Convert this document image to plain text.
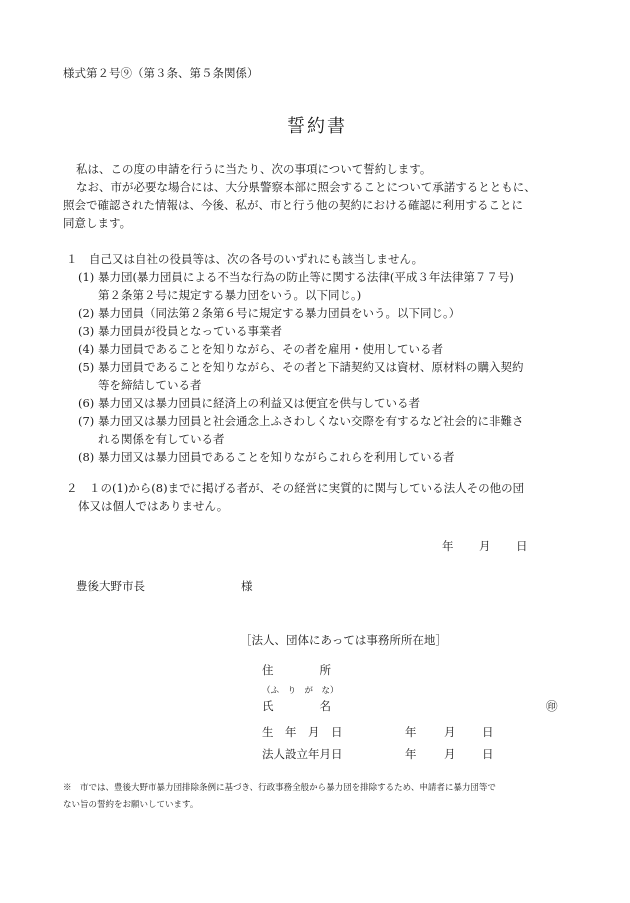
様式第２号⑨（第３条、第５条関係）
誓約書
私は、この度の申請を行うに当たり、次の事項について誓約します。
なお、市が必要な場合には、大分県警察本部に照会することについて承諾するとともに、
照会で確認された情報は、今後、私が、市と行う他の契約における確認に利用することに
同意します。
１　自己又は自社の役員等は、次の各号のいずれにも該当しません。
(1) 暴力団(暴力団員による不当な行為の防止等に関する法律(平成３年法律第７７号)
第２条第２号に規定する暴力団をいう。以下同じ。)
(2) 暴力団員（同法第２条第６号に規定する暴力団員をいう。以下同じ。）
(3) 暴力団員が役員となっている事業者
(4) 暴力団員であることを知りながら、その者を雇用・使用している者
(5) 暴力団員であることを知りながら、その者と下請契約又は資材、原材料の購入契約
等を締結している者
(6) 暴力団又は暴力団員に経済上の利益又は便宜を供与している者
(7) 暴力団又は暴力団員と社会通念上ふさわしくない交際を有するなど社会的に非難さ
れる関係を有している者
(8) 暴力団又は暴力団員であることを知りながらこれらを利用している者
２　１の(1)から(8)までに掲げる者が、その経営に実質的に関与している法人その他の団
体又は個人ではありません。
年 月 日
豊後大野市長	様
［法人、団体にあっては事務所所在地］
住　　　　所
（ふ　り　が　な）
氏　　　　名	㊞
生　年　月　日	年 月 日
法人設立年月日	年 月 日
※　市では、豊後大野市暴力団排除条例に基づき、行政事務全般から暴力団を排除するため、申請者に暴力団等で
ない旨の誓約をお願いしています。
